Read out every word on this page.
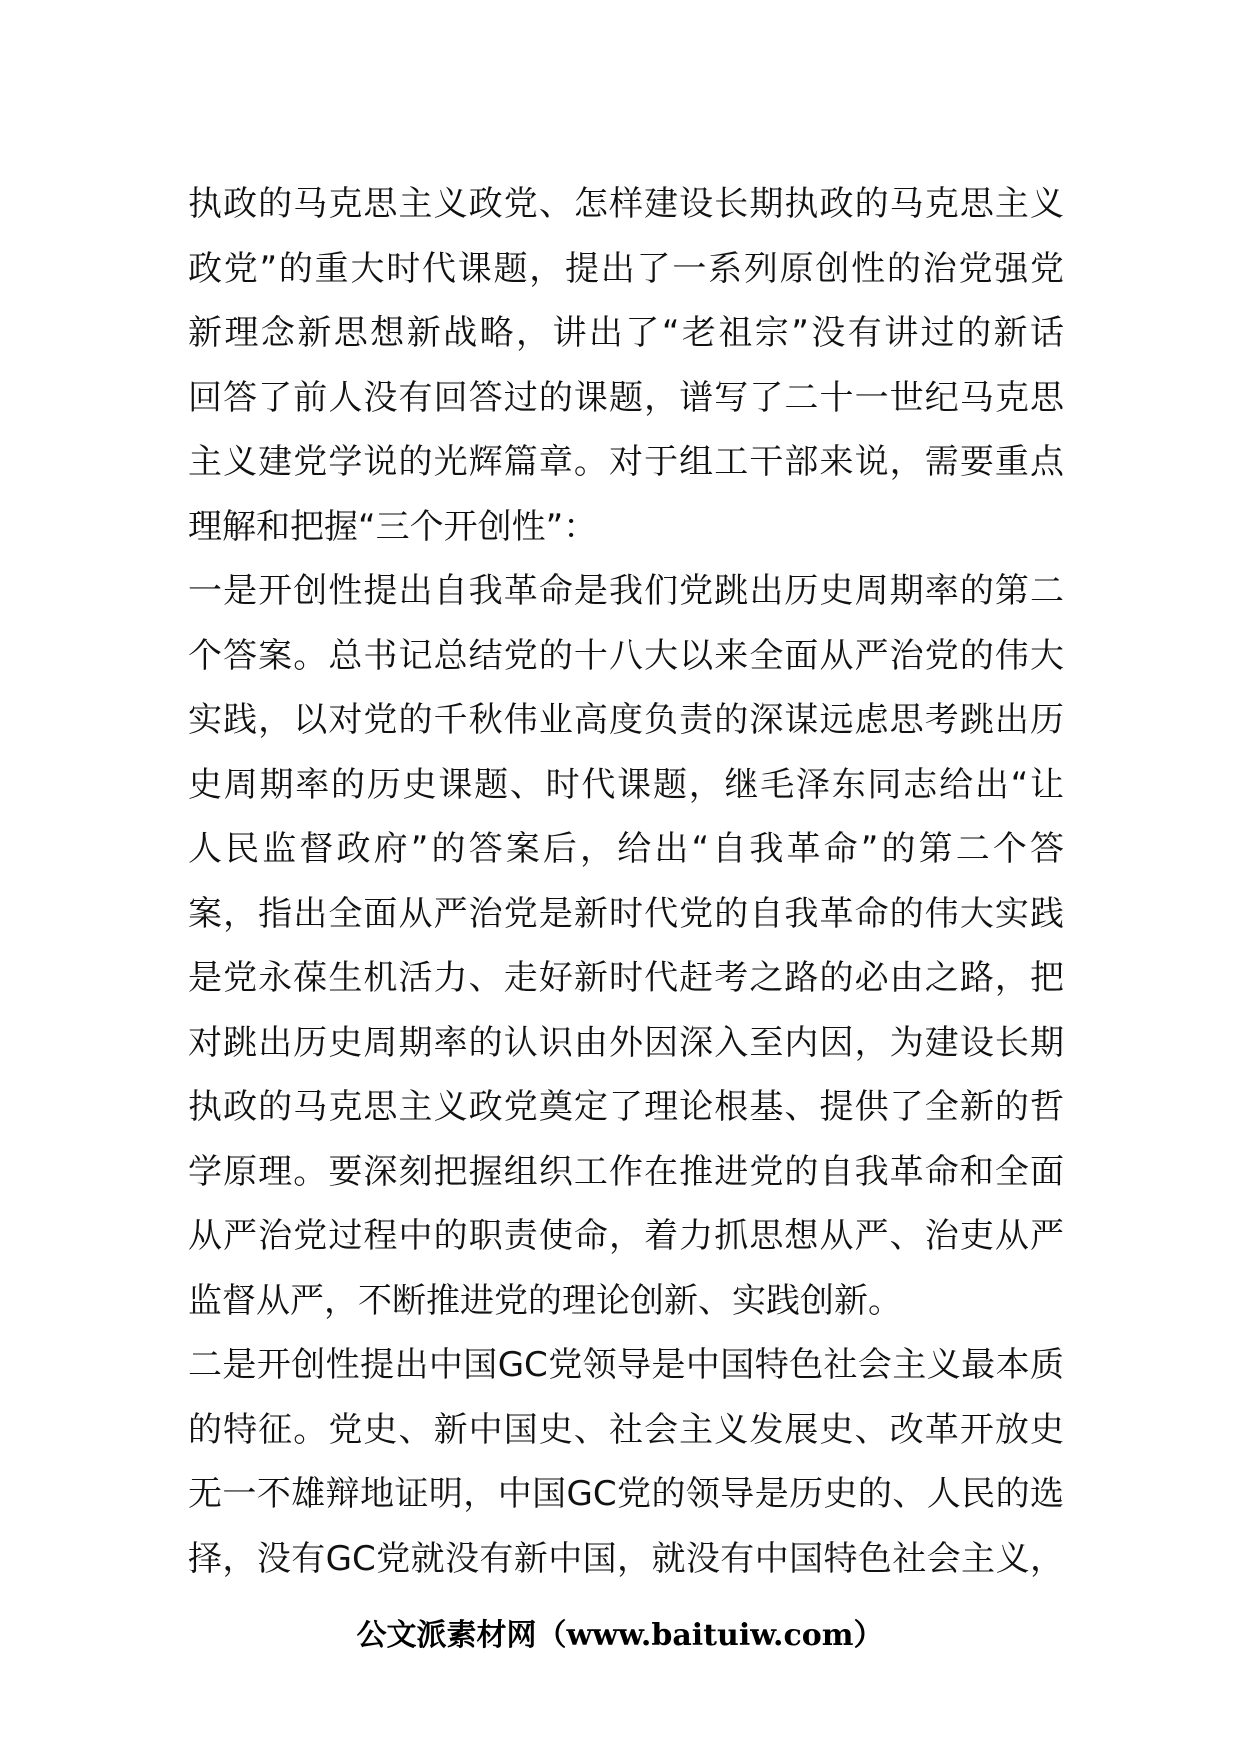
执政的马克思主义政党、怎样建设长期执政的马克思主义
政党”的重大时代课题，提出了一系列原创性的治党强党
新理念新思想新战略，讲出了“老祖宗”没有讲过的新话
回答了前人没有回答过的课题，谱写了二十一世纪马克思
主义建党学说的光辉篇章。对于组工干部来说，需要重点
理解和把握“三个开创性”：
一是开创性提出自我革命是我们党跳出历史周期率的第二
个答案。总书记总结党的十八大以来全面从严治党的伟大
实践，以对党的千秋伟业高度负责的深谋远虑思考跳出历
史周期率的历史课题、时代课题，继毛泽东同志给出“让
人民监督政府”的答案后，给出“自我革命”的第二个答
案，指出全面从严治党是新时代党的自我革命的伟大实践
是党永葆生机活力、走好新时代赶考之路的必由之路，把
对跳出历史周期率的认识由外因深入至内因，为建设长期
执政的马克思主义政党奠定了理论根基、提供了全新的哲
学原理。要深刻把握组织工作在推进党的自我革命和全面
从严治党过程中的职责使命，着力抓思想从严、治吏从严
监督从严，不断推进党的理论创新、实践创新。
二是开创性提出中国GC党领导是中国特色社会主义最本质
的特征。党史、新中国史、社会主义发展史、改革开放史
无一不雄辩地证明，中国GC党的领导是历史的、人民的选
择，没有GC党就没有新中国，就没有中国特色社会主义，
公文派素材网（www.baituiw.com）
